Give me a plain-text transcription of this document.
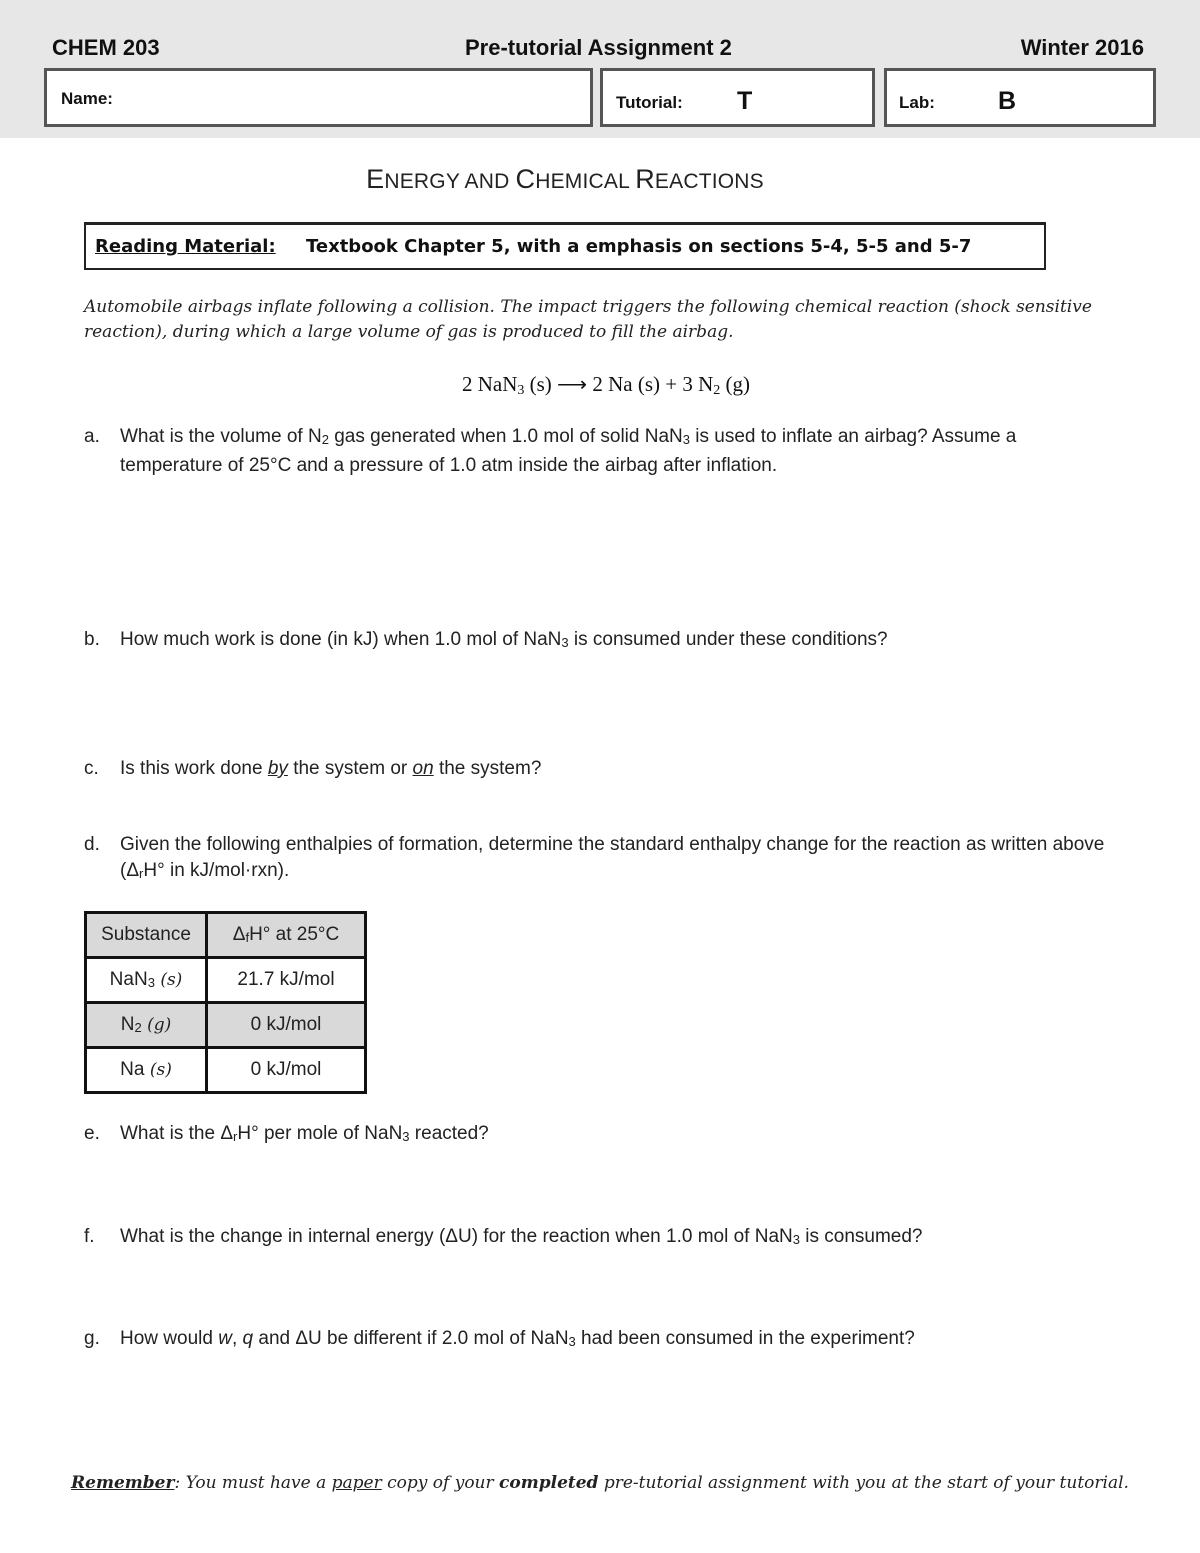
CHEM 203	Pre-tutorial Assignment 2	Winter 2016
Name:	Tutorial: T	Lab:	B
ENERGY AND CHEMICAL REACTIONS
Reading Material: Textbook Chapter 5, with a emphasis on sections 5-4, 5-5 and 5-7
Automobile airbags inflate following a collision. The impact triggers the following chemical reaction (shock sensitive reaction), during which a large volume of gas is produced to fill the airbag.
2 NaN$_3$ (s) ⟶ 2 Na (s) + 3 $N_2$ (g)
a.	What is the volume of $N_2$ gas generated when 1.0 mol of solid NaN$_3$ is used to inflate an airbag? Assume a temperature of 25°C and a pressure of 1.0 atm inside the airbag after inflation.
b.	How much work is done (in kJ) when 1.0 mol of NaN$_3$ is consumed under these conditions?
c.	Is this work done by the system or on the system?
d.	Given the following enthalpies of formation, determine the standard enthalpy change for the reaction as written above ($\Delta_rH^\circ$ in kJ/mol·rxn).
Substance	$\Delta_fH^\circ$ at 25°C
NaN$_3$ (s)	21.7 kJ/mol
$N_2$ (g)	0 kJ/mol
Na (s)	0 kJ/mol
e.	What is the $\Delta_rH^\circ$ per mole of NaN$_3$ reacted?
f.	What is the change in internal energy (ΔU) for the reaction when 1.0 mol of NaN$_3$ is consumed?
g.	How would w, q and ΔU be different if 2.0 mol of NaN$_3$ had been consumed in the experiment?
Remember: You must have a paper copy of your completed pre-tutorial assignment with you at the start of your tutorial.
